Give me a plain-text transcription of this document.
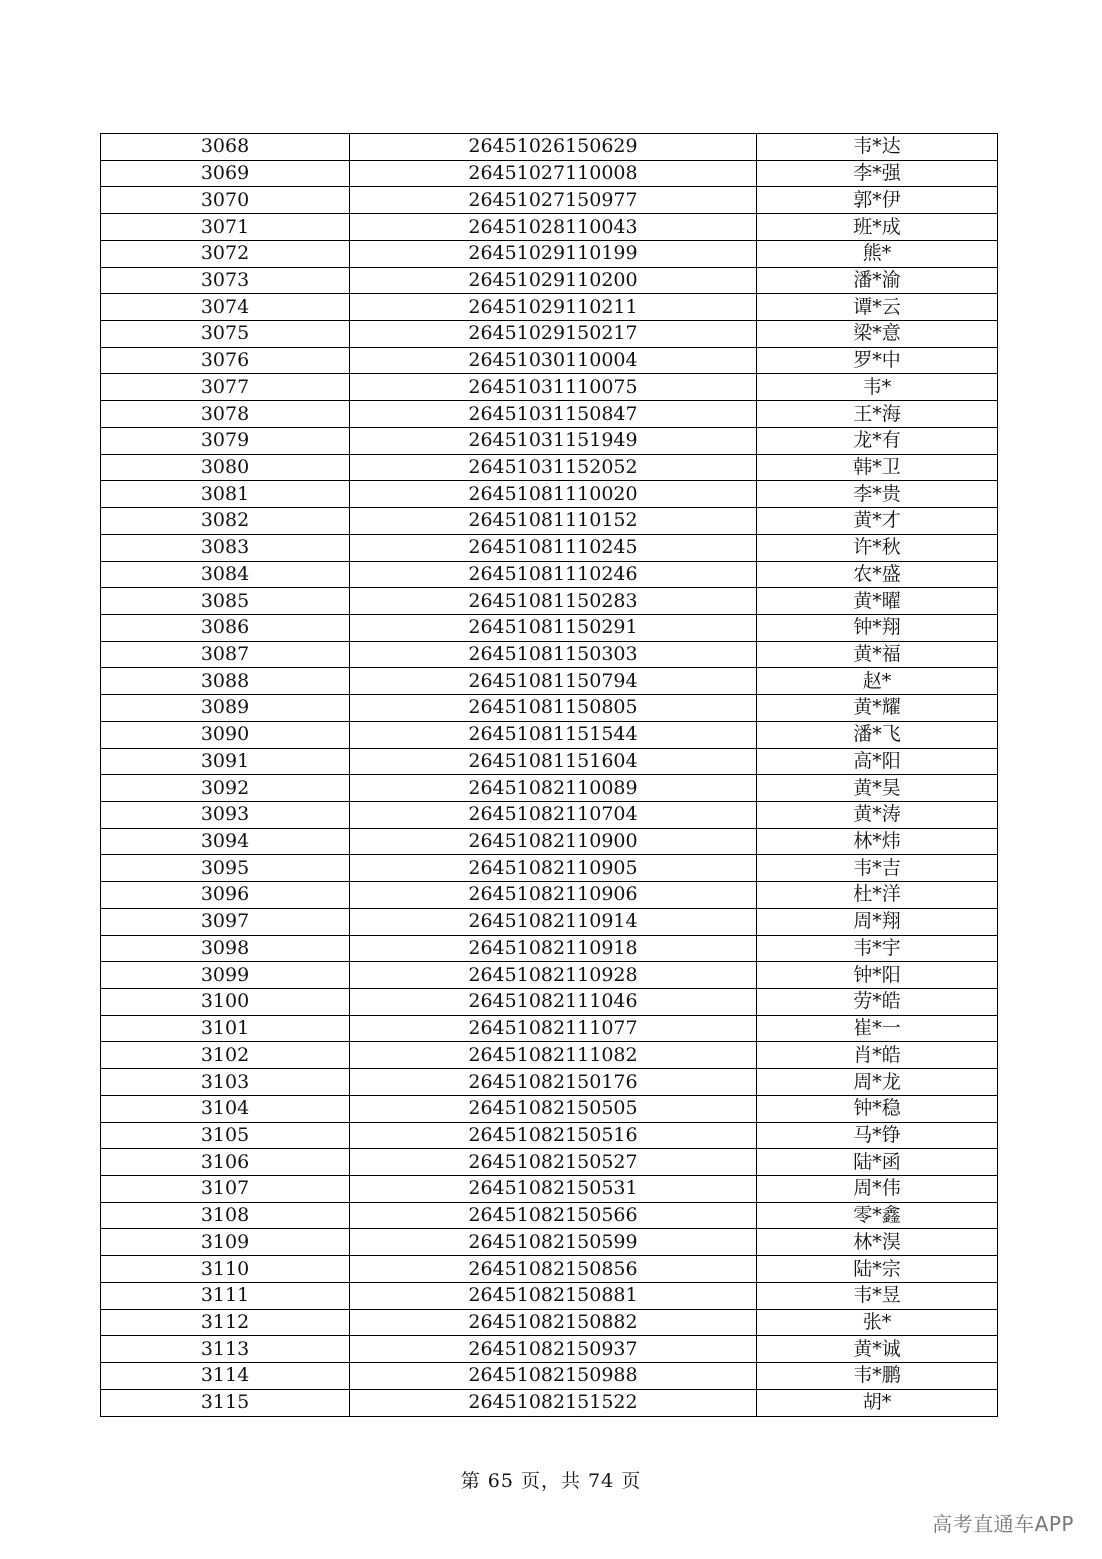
3068	26451026150629	韦*达
3069	26451027110008	李*强
3070	26451027150977	郭*伊
3071	26451028110043	班*成
3072	26451029110199	熊*
3073	26451029110200	潘*渝
3074	26451029110211	谭*云
3075	26451029150217	梁*意
3076	26451030110004	罗*中
3077	26451031110075	韦*
3078	26451031150847	王*海
3079	26451031151949	龙*有
3080	26451031152052	韩*卫
3081	26451081110020	李*贵
3082	26451081110152	黄*才
3083	26451081110245	许*秋
3084	26451081110246	农*盛
3085	26451081150283	黄*曜
3086	26451081150291	钟*翔
3087	26451081150303	黄*福
3088	26451081150794	赵*
3089	26451081150805	黄*耀
3090	26451081151544	潘*飞
3091	26451081151604	高*阳
3092	26451082110089	黄*昊
3093	26451082110704	黄*涛
3094	26451082110900	林*炜
3095	26451082110905	韦*吉
3096	26451082110906	杜*洋
3097	26451082110914	周*翔
3098	26451082110918	韦*宇
3099	26451082110928	钟*阳
3100	26451082111046	劳*皓
3101	26451082111077	崔*一
3102	26451082111082	肖*皓
3103	26451082150176	周*龙
3104	26451082150505	钟*稳
3105	26451082150516	马*铮
3106	26451082150527	陆*函
3107	26451082150531	周*伟
3108	26451082150566	零*鑫
3109	26451082150599	林*淏
3110	26451082150856	陆*宗
3111	26451082150881	韦*昱
3112	26451082150882	张*
3113	26451082150937	黄*诚
3114	26451082150988	韦*鹏
3115	26451082151522	胡*
第 65 页，共 74 页
高考直通车APP
